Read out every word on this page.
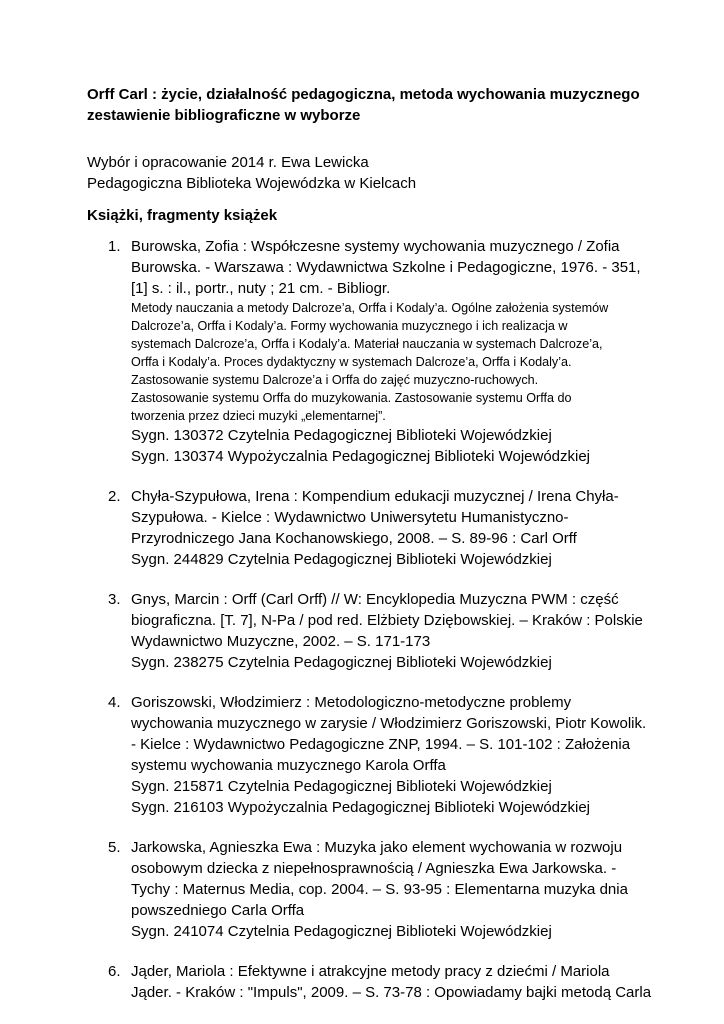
Orff Carl : życie, działalność pedagogiczna, metoda wychowania muzycznego
zestawienie bibliograficzne w wyborze
Wybór i opracowanie 2014 r. Ewa Lewicka
Pedagogiczna Biblioteka Wojewódzka w Kielcach
Książki, fragmenty książek
1. Burowska, Zofia : Współczesne systemy wychowania muzycznego / Zofia
Burowska. - Warszawa : Wydawnictwa Szkolne i Pedagogiczne, 1976. - 351,
[1] s. : il., portr., nuty ; 21 cm. - Bibliogr.
Metody nauczania a metody Dalcroze’a, Orffa i Kodaly’a. Ogólne założenia systemów
Dalcroze’a, Orffa i Kodaly’a. Formy wychowania muzycznego i ich realizacja w
systemach Dalcroze’a, Orffa i Kodaly’a. Materiał nauczania w systemach Dalcroze’a,
Orffa i Kodaly’a. Proces dydaktyczny w systemach Dalcroze’a, Orffa i Kodaly’a.
Zastosowanie systemu Dalcroze’a i Orffa do zajęć muzyczno-ruchowych.
Zastosowanie systemu Orffa do muzykowania. Zastosowanie systemu Orffa do
tworzenia przez dzieci muzyki „elementarnej”.
Sygn. 130372 Czytelnia Pedagogicznej Biblioteki Wojewódzkiej
Sygn. 130374 Wypożyczalnia Pedagogicznej Biblioteki Wojewódzkiej
2. Chyła-Szypułowa, Irena : Kompendium edukacji muzycznej / Irena Chyła-
Szypułowa. - Kielce : Wydawnictwo Uniwersytetu Humanistyczno-
Przyrodniczego Jana Kochanowskiego, 2008. – S. 89-96 : Carl Orff
Sygn. 244829 Czytelnia Pedagogicznej Biblioteki Wojewódzkiej
3. Gnys, Marcin : Orff (Carl Orff) // W: Encyklopedia Muzyczna PWM : część
biograficzna. [T. 7], N-Pa / pod red. Elżbiety Dziębowskiej. – Kraków : Polskie
Wydawnictwo Muzyczne, 2002. – S. 171-173
Sygn. 238275 Czytelnia Pedagogicznej Biblioteki Wojewódzkiej
4. Goriszowski, Włodzimierz : Metodologiczno-metodyczne problemy
wychowania muzycznego w zarysie / Włodzimierz Goriszowski, Piotr Kowolik.
- Kielce : Wydawnictwo Pedagogiczne ZNP, 1994. – S. 101-102 : Założenia
systemu wychowania muzycznego Karola Orffa
Sygn. 215871 Czytelnia Pedagogicznej Biblioteki Wojewódzkiej
Sygn. 216103 Wypożyczalnia Pedagogicznej Biblioteki Wojewódzkiej
5. Jarkowska, Agnieszka Ewa : Muzyka jako element wychowania w rozwoju
osobowym dziecka z niepełnosprawnością / Agnieszka Ewa Jarkowska. -
Tychy : Maternus Media, cop. 2004. – S. 93-95 : Elementarna muzyka dnia
powszedniego Carla Orffa
Sygn. 241074 Czytelnia Pedagogicznej Biblioteki Wojewódzkiej
6. Jąder, Mariola : Efektywne i atrakcyjne metody pracy z dziećmi / Mariola
Jąder. - Kraków : "Impuls", 2009. – S. 73-78 : Opowiadamy bajki metodą Carla
